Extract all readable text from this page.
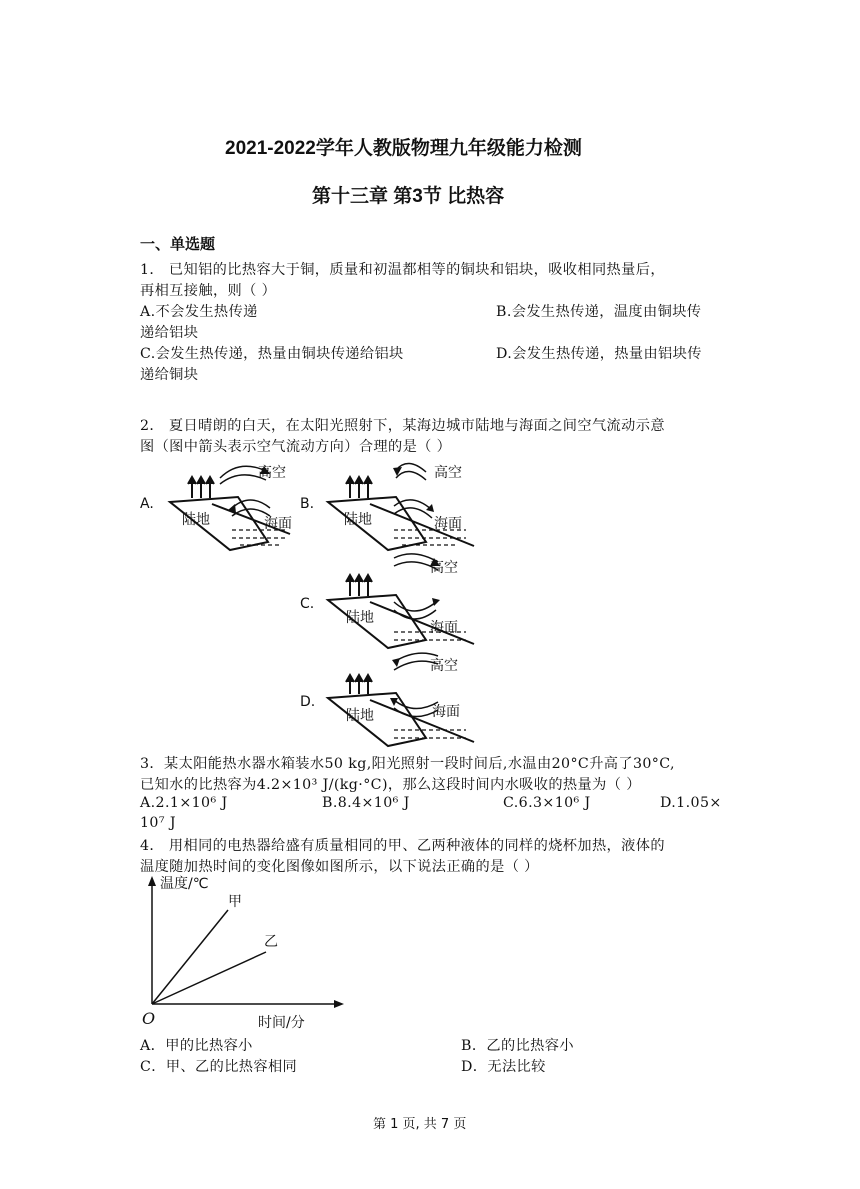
2021-2022学年人教版物理九年级能力检测
第十三章 第3节 比热容
一、单选题
1． 已知铝的比热容大于铜，质量和初温都相等的铜块和铝块，吸收相同热量后，
再相互接触，则（ ）
A.不会发生热传递	B.会发生热传递，温度由铜块传
递给铝块
C.会发生热传递，热量由铜块传递给铝块	D.会发生热传递，热量由铝块传
递给铜块
2． 夏日晴朗的白天，在太阳光照射下，某海边城市陆地与海面之间空气流动示意
图（图中箭头表示空气流动方向）合理的是（ ）
A.
高空
陆地	海面
B.
高空
陆地	海面
C.
高空
陆地
海面
D.
高空
陆地	海面
3．某太阳能热水器水箱装水50 kg,阳光照射一段时间后,水温由20°C升高了30°C,
已知水的比热容为4.2×10³ J/(kg·°C)，那么这段时间内水吸收的热量为（ ）
A.2.1×10⁶ J	B.8.4×10⁶ J	C.6.3×10⁶ J	D.1.05×
10⁷ J
4． 用相同的电热器给盛有质量相同的甲、乙两种液体的同样的烧杯加热，液体的
温度随加热时间的变化图像如图所示，以下说法正确的是（ ）
温度/℃
时间/分
O
甲
乙
A．甲的比热容小	B．乙的比热容小
C．甲、乙的比热容相同	D．无法比较
第 1 页, 共 7 页
